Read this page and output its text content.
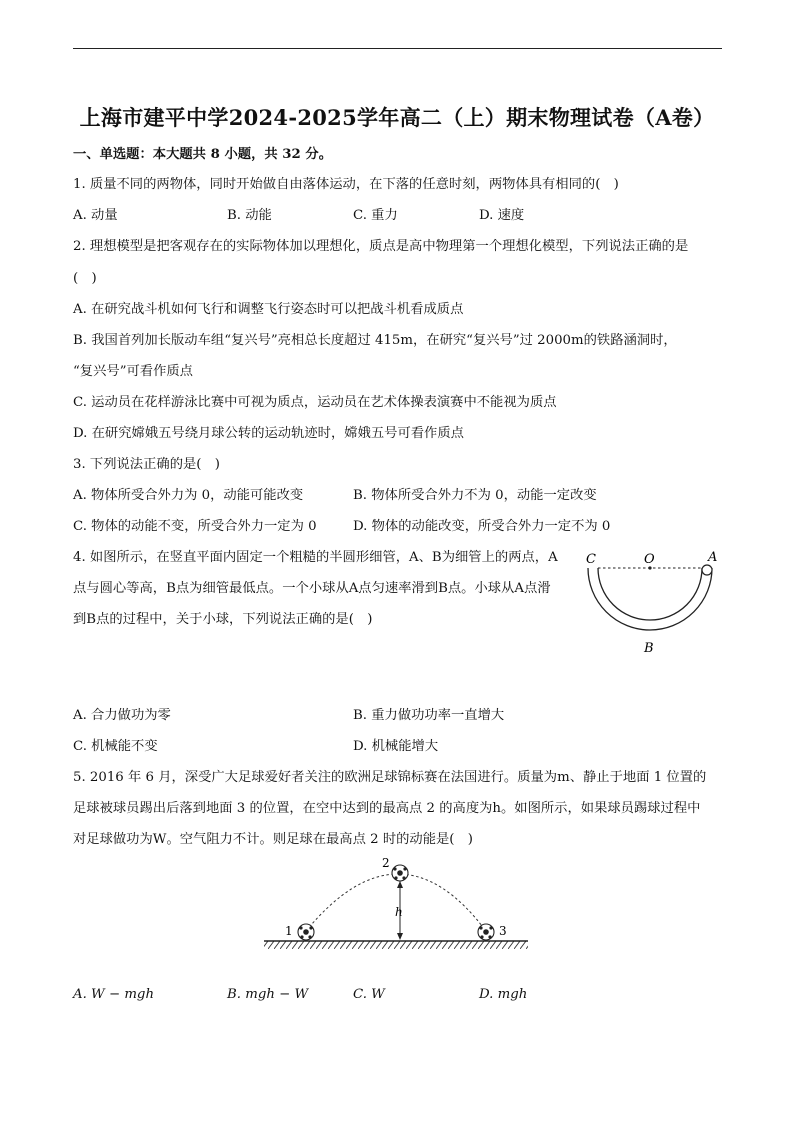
上海市建平中学2024-2025学年高二（上）期末物理试卷（A卷）
一、单选题：本大题共 8 小题，共 32 分。
1. 质量不同的两物体，同时开始做自由落体运动，在下落的任意时刻，两物体具有相同的(　)
A. 动量	B. 动能	C. 重力	D. 速度
2. 理想模型是把客观存在的实际物体加以理想化，质点是高中物理第一个理想化模型，下列说法正确的是
(　)
A. 在研究战斗机如何飞行和调整飞行姿态时可以把战斗机看成质点
B. 我国首列加长版动车组“复兴号”亮相总长度超过 415m，在研究“复兴号”过 2000m的铁路涵洞时，
“复兴号”可看作质点
C. 运动员在花样游泳比赛中可视为质点，运动员在艺术体操表演赛中不能视为质点
D. 在研究嫦娥五号绕月球公转的运动轨迹时，嫦娥五号可看作质点
3. 下列说法正确的是(　)
A. 物体所受合外力为 0，动能可能改变	B. 物体所受合外力不为 0，动能一定改变
C. 物体的动能不变，所受合外力一定为 0	D. 物体的动能改变，所受合外力一定不为 0
4. 如图所示，在竖直平面内固定一个粗糙的半圆形细管，A、B为细管上的两点，A
点与圆心等高，B点为细管最低点。一个小球从A点匀速率滑到B点。小球从A点滑
到B点的过程中，关于小球，下列说法正确的是(　)
C	O	A
B
A. 合力做功为零	B. 重力做功功率一直增大
C. 机械能不变	D. 机械能增大
5. 2016 年 6 月，深受广大足球爱好者关注的欧洲足球锦标赛在法国进行。质量为m、静止于地面 1 位置的
足球被球员踢出后落到地面 3 的位置，在空中达到的最高点 2 的高度为h。如图所示，如果球员踢球过程中
对足球做功为W。空气阻力不计。则足球在最高点 2 时的动能是(　)
1
2
3
h
A. W − mgh	B. mgh − W	C. W	D. mgh
